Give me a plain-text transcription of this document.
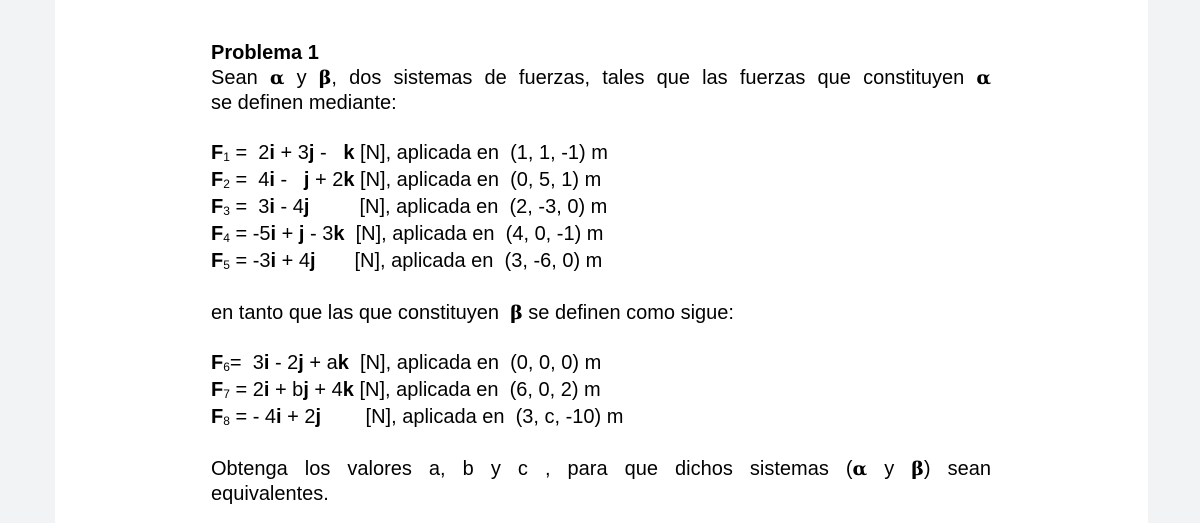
Problema 1
Sean α y β, dos sistemas de fuerzas, tales que las fuerzas que constituyen α
se definen mediante:
F1 =  2i + 3j -   k [N], aplicada en  (1, 1, -1) m
F2 =  4i -   j + 2k [N], aplicada en  (0, 5, 1) m
F3 =  3i - 4j	[N], aplicada en  (2, -3, 0) m
F4 = -5i + j - 3k [N], aplicada en  (4, 0, -1) m
F5 = -3i + 4j [N], aplicada en  (3, -6, 0) m
en tanto que las que constituyen  β se definen como sigue:
F6=  3i - 2j + ak [N], aplicada en  (0, 0, 0) m
F7 = 2i + bj + 4k [N], aplicada en  (6, 0, 2) m
F8 = - 4i + 2j [N], aplicada en  (3, c, -10) m
Obtenga los valores a, b y c , para que dichos sistemas (α y β) sean
equivalentes.
